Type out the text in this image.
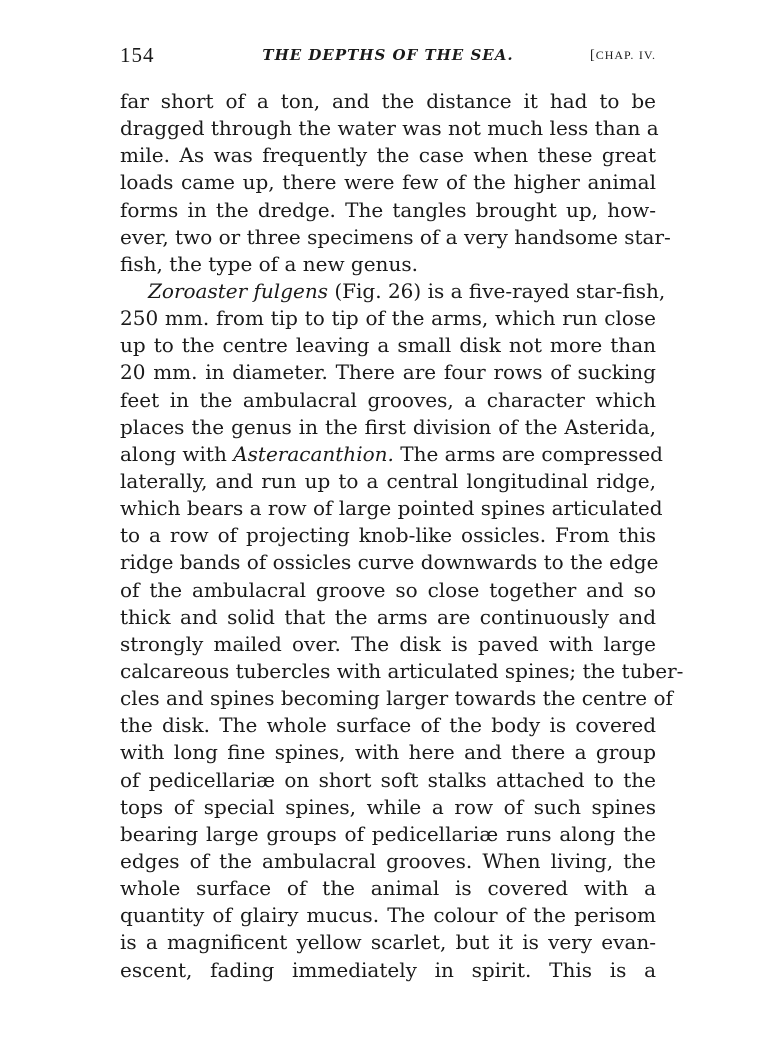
154	THE DEPTHS OF THE SEA.	[CHAP. IV.
far short of a ton, and the distance it had to be
dragged through the water was not much less than a
mile. As was frequently the case when these great
loads came up, there were few of the higher animal
forms in the dredge. The tangles brought up, how-
ever, two or three specimens of a very handsome star-
fish, the type of a new genus.
Zoroaster fulgens (Fig. 26) is a five-rayed star-fish,
250 mm. from tip to tip of the arms, which run close
up to the centre leaving a small disk not more than
20 mm. in diameter. There are four rows of sucking
feet in the ambulacral grooves, a character which
places the genus in the first division of the Asterida,
along with Asteracanthion. The arms are compressed
laterally, and run up to a central longitudinal ridge,
which bears a row of large pointed spines articulated
to a row of projecting knob-like ossicles. From this
ridge bands of ossicles curve downwards to the edge
of the ambulacral groove so close together and so
thick and solid that the arms are continuously and
strongly mailed over. The disk is paved with large
calcareous tubercles with articulated spines; the tuber-
cles and spines becoming larger towards the centre of
the disk. The whole surface of the body is covered
with long fine spines, with here and there a group
of pedicellariæ on short soft stalks attached to the
tops of special spines, while a row of such spines
bearing large groups of pedicellariæ runs along the
edges of the ambulacral grooves. When living, the
whole surface of the animal is covered with a
quantity of glairy mucus. The colour of the perisom
is a magnificent yellow scarlet, but it is very evan-
escent, fading immediately in spirit. This is a
